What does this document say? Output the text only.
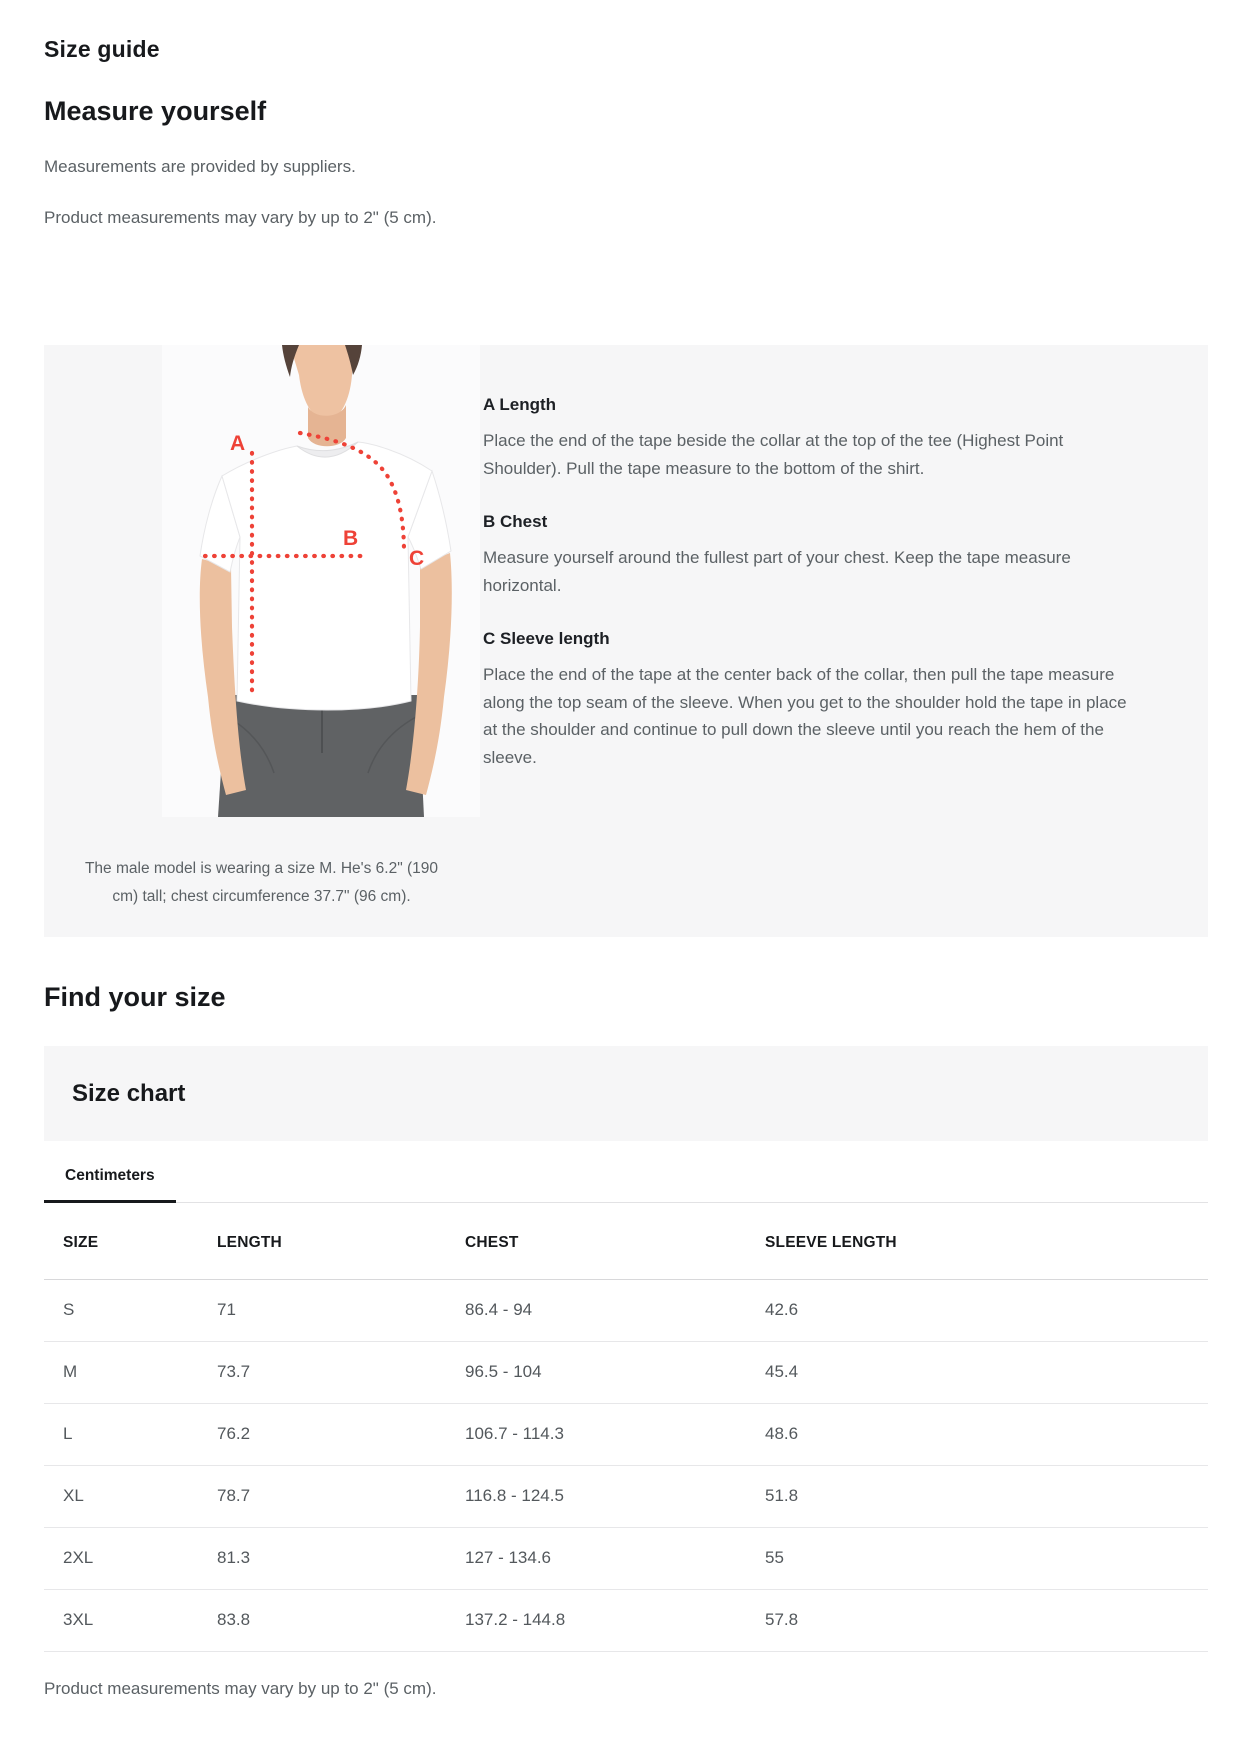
Size guide
Measure yourself

Measurements are provided by suppliers.

Product measurements may vary by up to 2" (5 cm).

A
B
C
The male model is wearing a size M. He's 6.2" (190 cm) tall; chest circumference 37.7" (96 cm).
A Length

Place the end of the tape beside the collar at the top of the tee (Highest Point Shoulder). Pull the tape measure to the bottom of the shirt.

B Chest

Measure yourself around the fullest part of your chest. Keep the tape measure horizontal.

C Sleeve length

Place the end of the tape at the center back of the collar, then pull the tape measure along the top seam of the sleeve. When you get to the shoulder hold the tape in place at the shoulder and continue to pull down the sleeve until you reach the hem of the sleeve.

Find your size
Size chart
Centimeters
SIZE	LENGTH	CHEST	SLEEVE LENGTH
S	71	86.4 - 94	42.6
M	73.7	96.5 - 104	45.4
L	76.2	106.7 - 114.3	48.6
XL	78.7	116.8 - 124.5	51.8
2XL	81.3	127 - 134.6	55
3XL	83.8	137.2 - 144.8	57.8

Product measurements may vary by up to 2" (5 cm).
